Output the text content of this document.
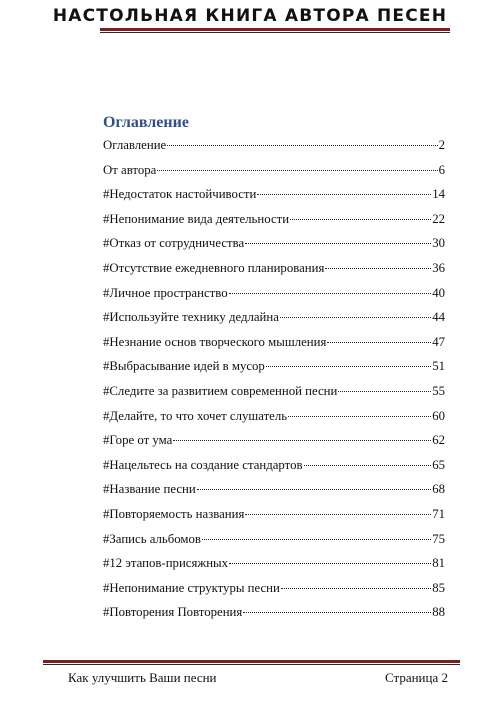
НАСТОЛЬНАЯ КНИГА АВТОРА ПЕСЕН
Оглавление
Оглавление	2
От автора	6
#Недостаток настойчивости	14
#Непонимание вида деятельности	22
#Отказ от сотрудничества	30
#Отсутствие ежедневного планирования	36
#Личное пространство	40
#Используйте технику дедлайна	44
#Незнание основ творческого мышления	47
#Выбрасывание идей в мусор	51
#Следите за развитием современной песни	55
#Делайте, то что хочет слушатель	60
#Горе от ума	62
#Нацельтесь на создание стандартов	65
#Название песни	68
#Повторяемость названия	71
#Запись альбомов	75
#12 этапов-присяжных	81
#Непонимание структуры песни	85
#Повторения Повторения	88
Как улучшить Ваши песни	Страница 2
